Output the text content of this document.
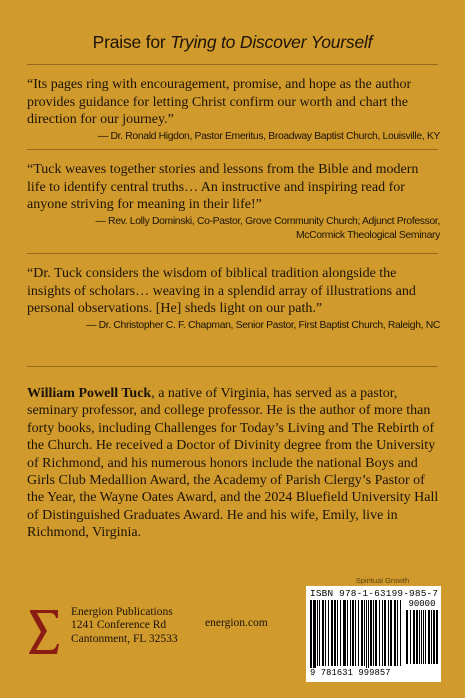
Praise for Trying to Discover Yourself

“Its pages ring with encouragement, promise, and hope as the author provides guidance for letting Christ confirm our worth and chart the direction for our journey.”

— Dr. Ronald Higdon, Pastor Emeritus, Broadway Baptist Church, Louisville, KY

“Tuck weaves together stories and lessons from the Bible and modern life to identify central truths… An instructive and inspiring read for anyone striving for meaning in their life!”

— Rev. Lolly Dominski, Co-Pastor, Grove Community Church; Adjunct Professor,
McCormick Theological Seminary

“Dr. Tuck considers the wisdom of biblical tradition alongside the insights of scholars… weaving in a splendid array of illustrations and personal observations. [He] sheds light on our path.”

— Dr. Christopher C. F. Chapman, Senior Pastor, First Baptist Church, Raleigh, NC

William Powell Tuck, a native of Virginia, has served as a pastor, seminary professor, and college professor. He is the author of more than forty books, including Challenges for Today’s Living and The Rebirth of the Church. He received a Doctor of Divinity degree from the University of Richmond, and his numerous honors include the national Boys and Girls Club Medallion Award, the Academy of Parish Clergy’s Pastor of the Year, the Wayne Oates Award, and the 2024 Bluefield University Hall of Distinguished Graduates Award. He and his wife, Emily, live in Richmond, Virginia.

Energion Publications
1241 Conference Rd
Cantonment, FL 32533
energion.com
Spiritual Growth
ISBN 978-1-63199-985-7
90000
9 781631 999857
